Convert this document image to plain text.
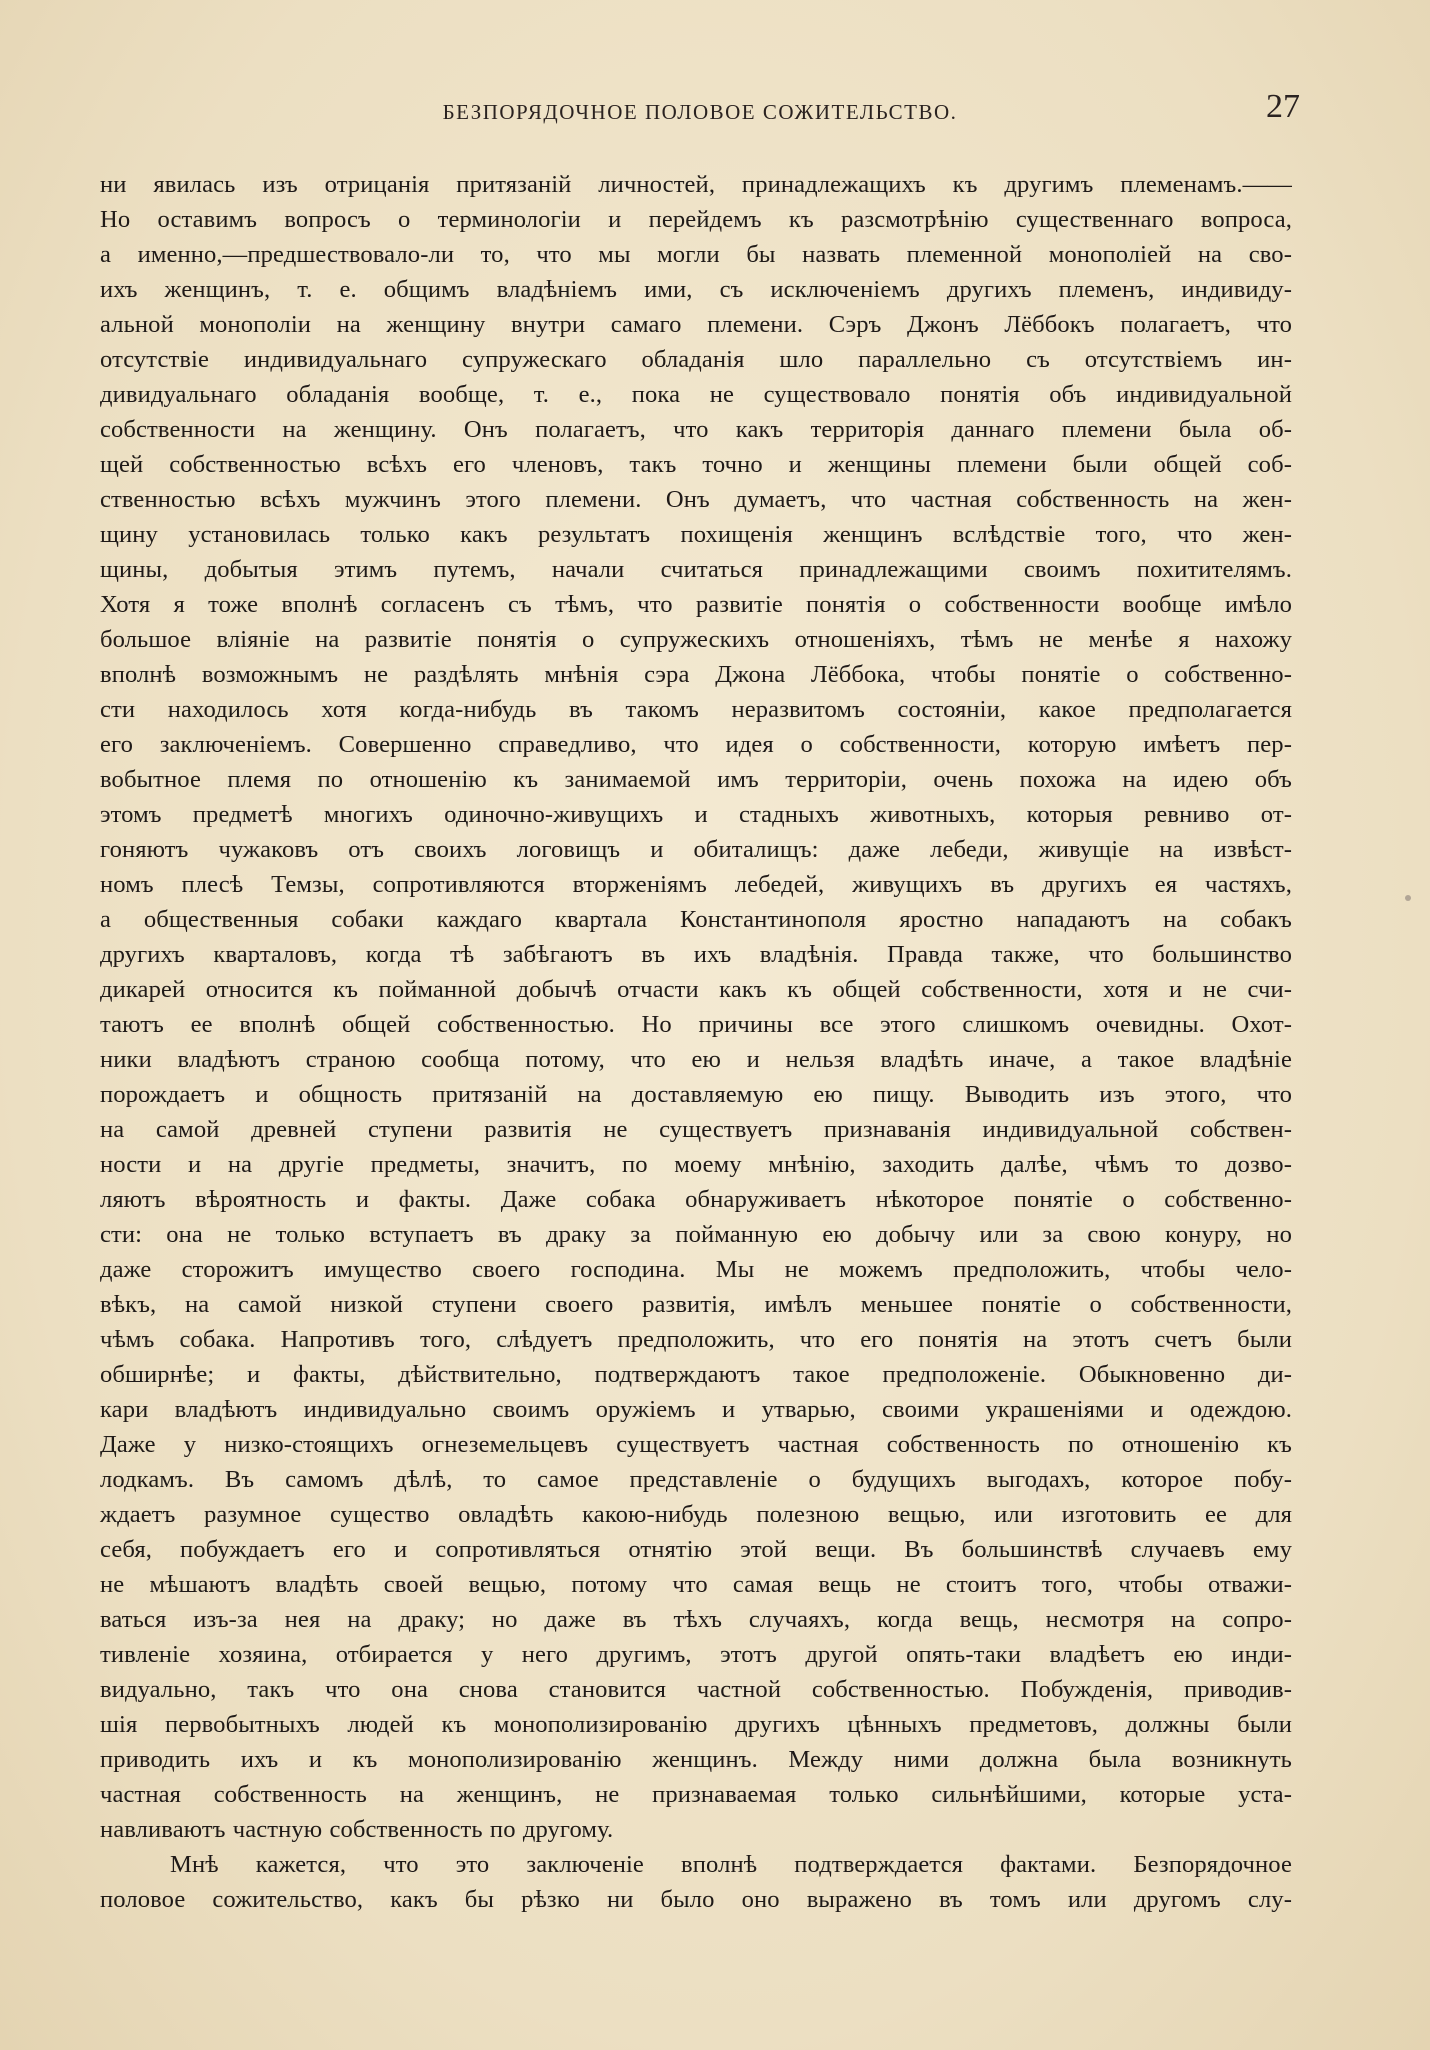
БЕЗПОРЯДОЧНОЕ ПОЛОВОЕ СОЖИТЕЛЬСТВО.	27
ни явилась изъ отрицанія притязаній личностей, принадлежащихъ къ другимъ племенамъ.——
Но оставимъ вопросъ о терминологіи и перейдемъ къ разсмотрѣнію существеннаго вопроса,
а именно,—предшествовало-ли то, что мы могли бы назвать племенной монополіей на сво-
ихъ женщинъ, т. е. общимъ владѣніемъ ими, съ исключеніемъ другихъ племенъ, индивиду-
альной монополіи на женщину внутри самаго племени. Сэръ Джонъ Лёббокъ полагаетъ, что
отсутствіе индивидуальнаго супружескаго обладанія шло параллельно съ отсутствіемъ ин-
дивидуальнаго обладанія вообще, т. е., пока не существовало понятія объ индивидуальной
собственности на женщину. Онъ полагаетъ, что какъ территорія даннаго племени была об-
щей собственностью всѣхъ его членовъ, такъ точно и женщины племени были общей соб-
ственностью всѣхъ мужчинъ этого племени. Онъ думаетъ, что частная собственность на жен-
щину установилась только какъ результатъ похищенія женщинъ вслѣдствіе того, что жен-
щины, добытыя этимъ путемъ, начали считаться принадлежащими своимъ похитителямъ.
Хотя я тоже вполнѣ согласенъ съ тѣмъ, что развитіе понятія о собственности вообще имѣло
большое вліяніе на развитіе понятія о супружескихъ отношеніяхъ, тѣмъ не менѣе я нахожу
вполнѣ возможнымъ не раздѣлять мнѣнія сэра Джона Лёббока, чтобы понятіе о собственно-
сти находилось хотя когда-нибудь въ такомъ неразвитомъ состояніи, какое предполагается
его заключеніемъ. Совершенно справедливо, что идея о собственности, которую имѣетъ пер-
вобытное племя по отношенію къ занимаемой имъ территоріи, очень похожа на идею объ
этомъ предметѣ многихъ одиночно-живущихъ и стадныхъ животныхъ, которыя ревниво от-
гоняютъ чужаковъ отъ своихъ логовищъ и обиталищъ: даже лебеди, живущіе на извѣст-
номъ плесѣ Темзы, сопротивляются вторженіямъ лебедей, живущихъ въ другихъ ея частяхъ,
а общественныя собаки каждаго квартала Константинополя яростно нападаютъ на собакъ
другихъ кварталовъ, когда тѣ забѣгаютъ въ ихъ владѣнія. Правда также, что большинство
дикарей относится къ пойманной добычѣ отчасти какъ къ общей собственности, хотя и не счи-
таютъ ее вполнѣ общей собственностью. Но причины все этого слишкомъ очевидны. Охот-
ники владѣютъ страною сообща потому, что ею и нельзя владѣть иначе, а такое владѣніе
порождаетъ и общность притязаній на доставляемую ею пищу. Выводить изъ этого, что
на самой древней ступени развитія не существуетъ признаванія индивидуальной собствен-
ности и на другіе предметы, значитъ, по моему мнѣнію, заходить далѣе, чѣмъ то дозво-
ляютъ вѣроятность и факты. Даже собака обнаруживаетъ нѣкоторое понятіе о собственно-
сти: она не только вступаетъ въ драку за пойманную ею добычу или за свою конуру, но
даже сторожитъ имущество своего господина. Мы не можемъ предположить, чтобы чело-
вѣкъ, на самой низкой ступени своего развитія, имѣлъ меньшее понятіе о собственности,
чѣмъ собака. Напротивъ того, слѣдуетъ предположить, что его понятія на этотъ счетъ были
обширнѣе; и факты, дѣйствительно, подтверждаютъ такое предположеніе. Обыкновенно ди-
кари владѣютъ индивидуально своимъ оружіемъ и утварью, своими украшеніями и одеждою.
Даже у низко-стоящихъ огнеземельцевъ существуетъ частная собственность по отношенію къ
лодкамъ. Въ самомъ дѣлѣ, то самое представленіе о будущихъ выгодахъ, которое побу-
ждаетъ разумное существо овладѣть какою-нибудь полезною вещью, или изготовить ее для
себя, побуждаетъ его и сопротивляться отнятію этой вещи. Въ большинствѣ случаевъ ему
не мѣшаютъ владѣть своей вещью, потому что самая вещь не стоитъ того, чтобы отважи-
ваться изъ-за нея на драку; но даже въ тѣхъ случаяхъ, когда вещь, несмотря на сопро-
тивленіе хозяина, отбирается у него другимъ, этотъ другой опять-таки владѣетъ ею инди-
видуально, такъ что она снова становится частной собственностью. Побужденія, приводив-
шія первобытныхъ людей къ монополизированію другихъ цѣнныхъ предметовъ, должны были
приводить ихъ и къ монополизированію женщинъ. Между ними должна была возникнуть
частная собственность на женщинъ, не признаваемая только сильнѣйшими, которые уста-
навливаютъ частную собственность по другому.
Мнѣ кажется, что это заключеніе вполнѣ подтверждается фактами. Безпорядочное
половое сожительство, какъ бы рѣзко ни было оно выражено въ томъ или другомъ слу-
